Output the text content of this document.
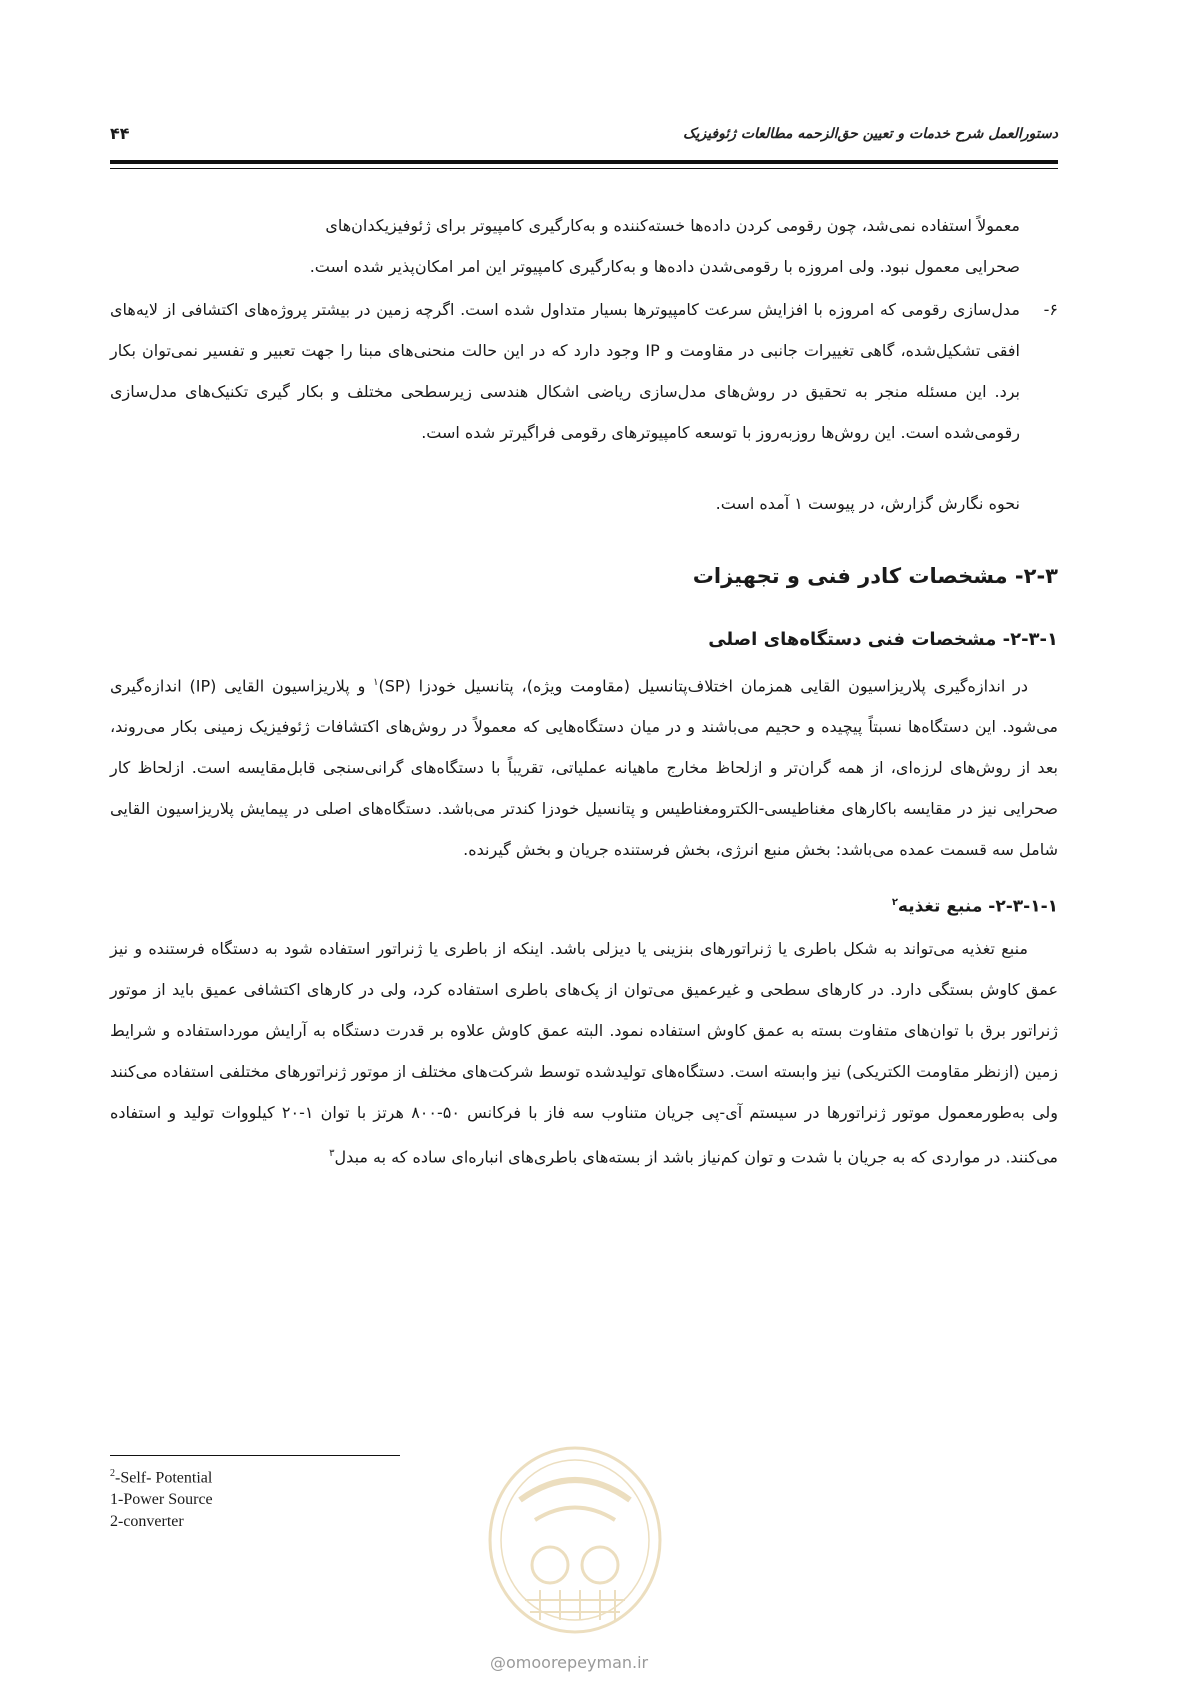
دستورالعمل شرح خدمات و تعیین حق‌الزحمه مطالعات ژئوفیزیک
۴۴

معمولاً استفاده نمی‌شد، چون رقومی کردن داده‌ها خسته‌کننده و به‌کارگیری کامپیوتر برای ژئوفیزیکدان‌های

صحرایی معمول نبود. ولی امروزه با رقومی‌شدن داده‌ها و به‌کارگیری کامپیوتر این امر امکان‌پذیر شده است.

۶-

مدل‌سازی رقومی که امروزه با افزایش سرعت کامپیوترها بسیار متداول شده است. اگرچه زمین در بیشتر پروژه‌های اکتشافی از لایه‌های افقی تشکیل‌شده، گاهی تغییرات جانبی در مقاومت و IP وجود دارد که در این حالت منحنی‌های مبنا را جهت تعبیر و تفسیر نمی‌توان بکار برد. این مسئله منجر به تحقیق در روش‌های مدل‌سازی ریاضی اشکال هندسی زیرسطحی مختلف و بکار گیری تکنیک‌های مدل‌سازی رقومی‌شده است. این روش‌ها روزبه‌روز با توسعه کامپیوترهای رقومی فراگیرتر شده است.

نحوه نگارش گزارش، در پیوست ۱ آمده است.

۲-۳- مشخصات کادر فنی و تجهیزات
۲-۳-۱- مشخصات فنی دستگاه‌های اصلی

در اندازه‌گیری پلاریزاسیون القایی همزمان اختلاف‌پتانسیل (مقاومت ویژه)، پتانسیل خودزا (SP)$^۱$ و پلاریزاسیون القایی (IP) اندازه‌گیری می‌شود. این دستگاه‌ها نسبتاً پیچیده و حجیم می‌باشند و در میان دستگاه‌هایی که معمولاً در روش‌های اکتشافات ژئوفیزیک زمینی بکار می‌روند، بعد از روش‌های لرزه‌ای، از همه گران‌تر و ازلحاظ مخارج ماهیانه عملیاتی، تقریباً با دستگاه‌های گرانی‌سنجی قابل‌مقایسه است. ازلحاظ کار صحرایی نیز در مقایسه باکارهای مغناطیسی-الکترومغناطیس و پتانسیل خودزا کندتر می‌باشد. دستگاه‌های اصلی در پیمایش پلاریزاسیون القایی شامل سه قسمت عمده می‌باشد: بخش منبع انرژی، بخش فرستنده جریان و بخش گیرنده.

۲-۳-۱-۱- منبع تغذیه$^۲$

منبع تغذیه می‌تواند به شکل باطری یا ژنراتورهای بنزینی یا دیزلی باشد. اینکه از باطری یا ژنراتور استفاده شود به دستگاه فرستنده و نیز عمق کاوش بستگی دارد. در کارهای سطحی و غیرعمیق می‌توان از پک‌های باطری استفاده کرد، ولی در کارهای اکتشافی عمیق باید از موتور ژنراتور برق با توان‌های متفاوت بسته به عمق کاوش استفاده نمود. البته عمق کاوش علاوه بر قدرت دستگاه به آرایش مورداستفاده و شرایط زمین (ازنظر مقاومت الکتریکی) نیز وابسته است. دستگاه‌های تولیدشده توسط شرکت‌های مختلف از موتور ژنراتورهای مختلفی استفاده می‌کنند ولی به‌طورمعمول موتور ژنراتورها در سیستم آی-پی جریان متناوب سه فاز با فرکانس ۵۰-۸۰۰ هرتز با توان ۱-۲۰ کیلووات تولید و استفاده می‌کنند. در مواردی که به جریان با شدت و توان کم‌نیاز باشد از بسته‌های باطری‌های انباره‌ای ساده که به مبدل$^۳$

@omoorepeyman.ir
$^2$-Self- Potential
1-Power Source
2-converter
